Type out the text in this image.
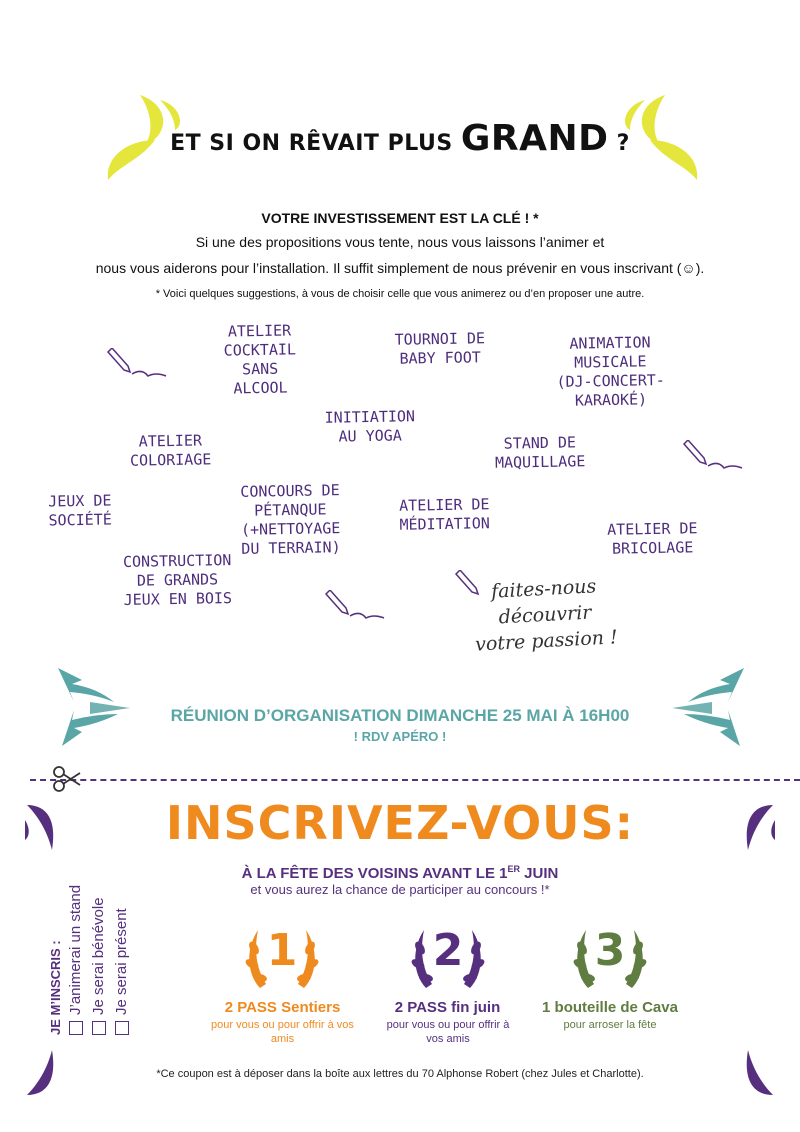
ET SI ON RÊVAIT PLUS GRAND ?
VOTRE INVESTISSEMENT EST LA CLÉ ! *
Si une des propositions vous tente, nous vous laissons l’animer et
nous vous aiderons pour l’installation. Il suffit simplement de nous prévenir en vous inscrivant (☺).
* Voici quelques suggestions, à vous de choisir celle que vous animerez ou d’en proposer une autre.
ATELIER
COCKTAIL
SANS
ALCOOL
TOURNOI DE
BABY FOOT
ANIMATION
MUSICALE
(DJ-CONCERT-
KARAOKÉ)
INITIATION
AU YOGA
ATELIER
COLORIAGE
STAND DE
MAQUILLAGE
CONCOURS DE
PÉTANQUE
(+NETTOYAGE
DU TERRAIN)
JEUX DE
SOCIÉTÉ
ATELIER DE
MÉDITATION	ATELIER DE
BRICOLAGE
CONSTRUCTION
DE GRANDS
JEUX EN BOIS	faites-nous
découvrir
votre passion !
RÉUNION D’ORGANISATION DIMANCHE 25 MAI À 16H00
! RDV APÉRO !
INSCRIVEZ-VOUS:
À LA FÊTE DES VOISINS AVANT LE 1ER JUIN
et vous aurez la chance de participer au concours !*
JE M’INSCRIS : J’animerai un stand Je serai bénévole Je serai présent	1
2 PASS Sentiers
pour vous ou pour offrir à vos amis
2
2 PASS fin juin
pour vous ou pour offrir à vos amis
3
1 bouteille de Cava
pour arroser la fête
*Ce coupon est à déposer dans la boîte aux lettres du 70 Alphonse Robert (chez Jules et Charlotte).
